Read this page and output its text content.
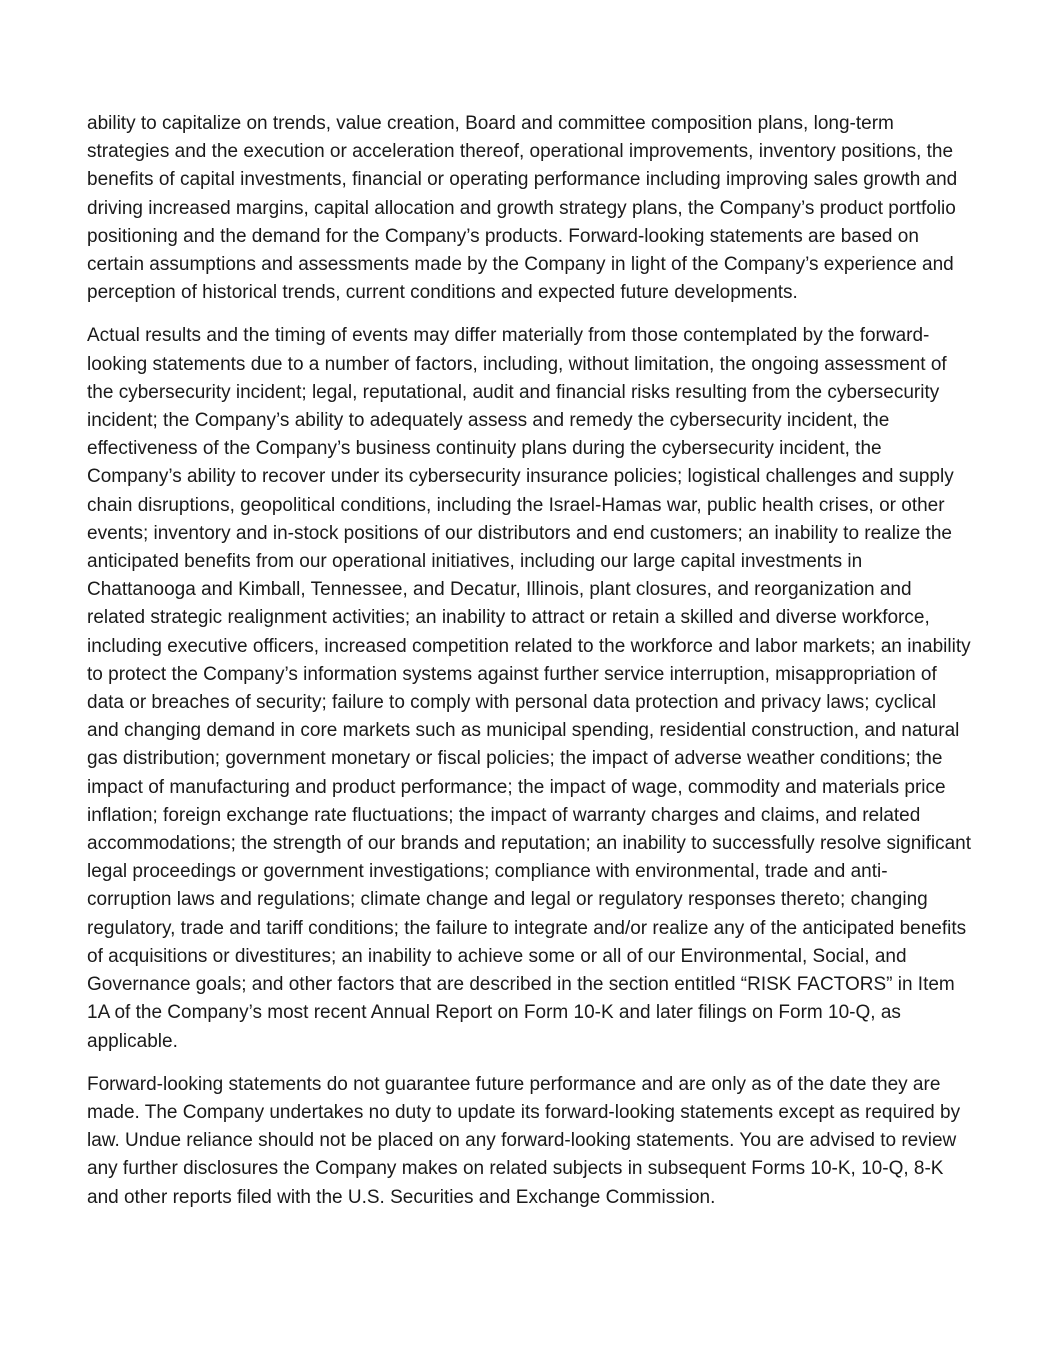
ability to capitalize on trends, value creation, Board and committee composition plans, long-term strategies and the execution or acceleration thereof, operational improvements, inventory positions, the benefits of capital investments, financial or operating performance including improving sales growth and driving increased margins, capital allocation and growth strategy plans, the Company’s product portfolio positioning and the demand for the Company’s products. Forward-looking statements are based on certain assumptions and assessments made by the Company in light of the Company’s experience and perception of historical trends, current conditions and expected future developments.

Actual results and the timing of events may differ materially from those contemplated by the forward-looking statements due to a number of factors, including, without limitation, the ongoing assessment of the cybersecurity incident; legal, reputational, audit and financial risks resulting from the cybersecurity incident; the Company’s ability to adequately assess and remedy the cybersecurity incident, the effectiveness of the Company’s business continuity plans during the cybersecurity incident, the Company’s ability to recover under its cybersecurity insurance policies; logistical challenges and supply chain disruptions, geopolitical conditions, including the Israel-Hamas war, public health crises, or other events; inventory and in-stock positions of our distributors and end customers; an inability to realize the anticipated benefits from our operational initiatives, including our large capital investments in Chattanooga and Kimball, Tennessee, and Decatur, Illinois, plant closures, and reorganization and related strategic realignment activities; an inability to attract or retain a skilled and diverse workforce, including executive officers, increased competition related to the workforce and labor markets; an inability to protect the Company’s information systems against further service interruption, misappropriation of data or breaches of security; failure to comply with personal data protection and privacy laws; cyclical and changing demand in core markets such as municipal spending, residential construction, and natural gas distribution; government monetary or fiscal policies; the impact of adverse weather conditions; the impact of manufacturing and product performance; the impact of wage, commodity and materials price inflation; foreign exchange rate fluctuations; the impact of warranty charges and claims, and related accommodations; the strength of our brands and reputation; an inability to successfully resolve significant legal proceedings or government investigations; compliance with environmental, trade and anti-corruption laws and regulations; climate change and legal or regulatory responses thereto; changing regulatory, trade and tariff conditions; the failure to integrate and/or realize any of the anticipated benefits of acquisitions or divestitures; an inability to achieve some or all of our Environmental, Social, and Governance goals; and other factors that are described in the section entitled “RISK FACTORS” in Item 1A of the Company’s most recent Annual Report on Form 10-K and later filings on Form 10-Q, as applicable.

Forward-looking statements do not guarantee future performance and are only as of the date they are made. The Company undertakes no duty to update its forward-looking statements except as required by law. Undue reliance should not be placed on any forward-looking statements. You are advised to review any further disclosures the Company makes on related subjects in subsequent Forms 10-K, 10-Q, 8-K and other reports filed with the U.S. Securities and Exchange Commission.
